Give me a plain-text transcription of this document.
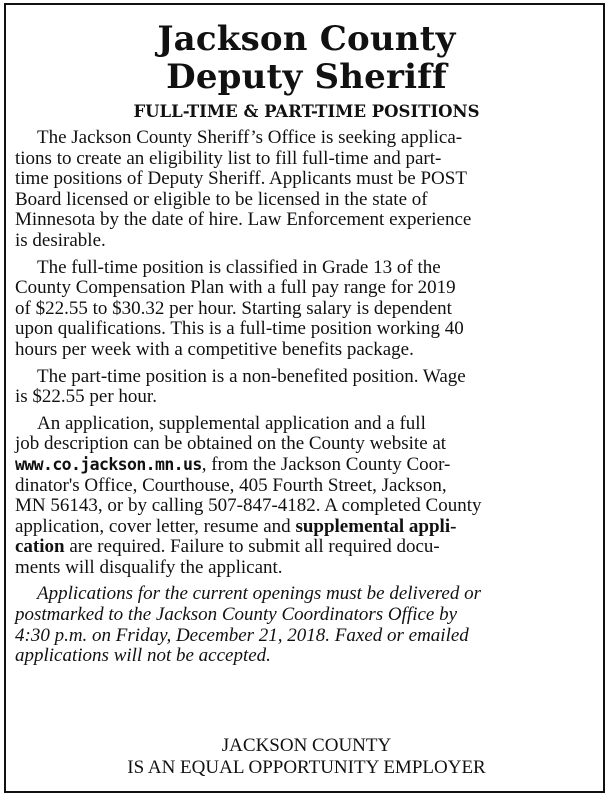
Jackson County
Deputy Sheriff
FULL-TIME & PART-TIME POSITIONS

The Jackson County Sheriff’s Office is seeking applica-
tions to create an eligibility list to fill full-time and part-
time positions of Deputy Sheriff. Applicants must be POST
Board licensed or eligible to be licensed in the state of
Minnesota by the date of hire. Law Enforcement experience
is desirable.

The full-time position is classified in Grade 13 of the
County Compensation Plan with a full pay range for 2019
of $22.55 to $30.32 per hour. Starting salary is dependent
upon qualifications. This is a full-time position working 40
hours per week with a competitive benefits package.

The part-time position is a non-benefited position. Wage
is $22.55 per hour.

An application, supplemental application and a full
job description can be obtained on the County website at
www.co.jackson.mn.us, from the Jackson County Coor-
dinator's Office, Courthouse, 405 Fourth Street, Jackson,
MN 56143, or by calling 507-847-4182. A completed County
application, cover letter, resume and supplemental appli-
cation are required. Failure to submit all required docu-
ments will disqualify the applicant.

Applications for the current openings must be delivered or
postmarked to the Jackson County Coordinators Office by
4:30 p.m. on Friday, December 21, 2018. Faxed or emailed
applications will not be accepted.

JACKSON COUNTY
IS AN EQUAL OPPORTUNITY EMPLOYER
